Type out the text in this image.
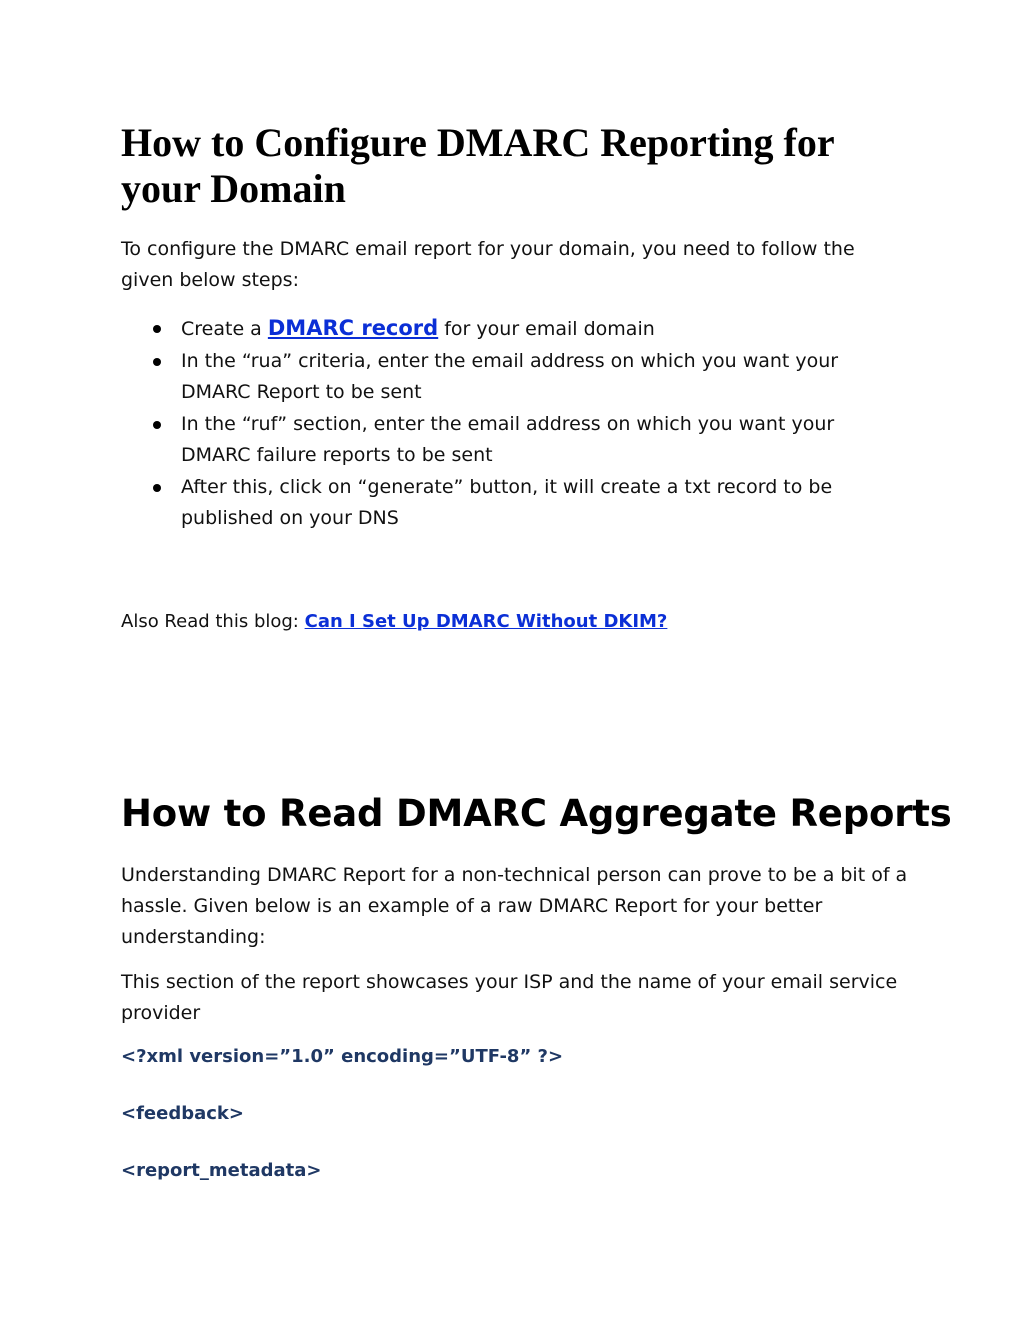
How to Configure DMARC Reporting for your Domain

To configure the DMARC email report for your domain, you need to follow the given below steps:

Create a DMARC record for your email domain
In the “rua” criteria, enter the email address on which you want your DMARC Report to be sent
In the “ruf” section, enter the email address on which you want your DMARC failure reports to be sent
After this, click on “generate” button, it will create a txt record to be published on your DNS

Also Read this blog: Can I Set Up DMARC Without DKIM?

How to Read DMARC Aggregate Reports

Understanding DMARC Report for a non-technical person can prove to be a bit of a hassle. Given below is an example of a raw DMARC Report for your better understanding:

This section of the report showcases your ISP and the name of your email service provider

<?xml version=”1.0” encoding=”UTF-8” ?>

<feedback>

<report_metadata>
